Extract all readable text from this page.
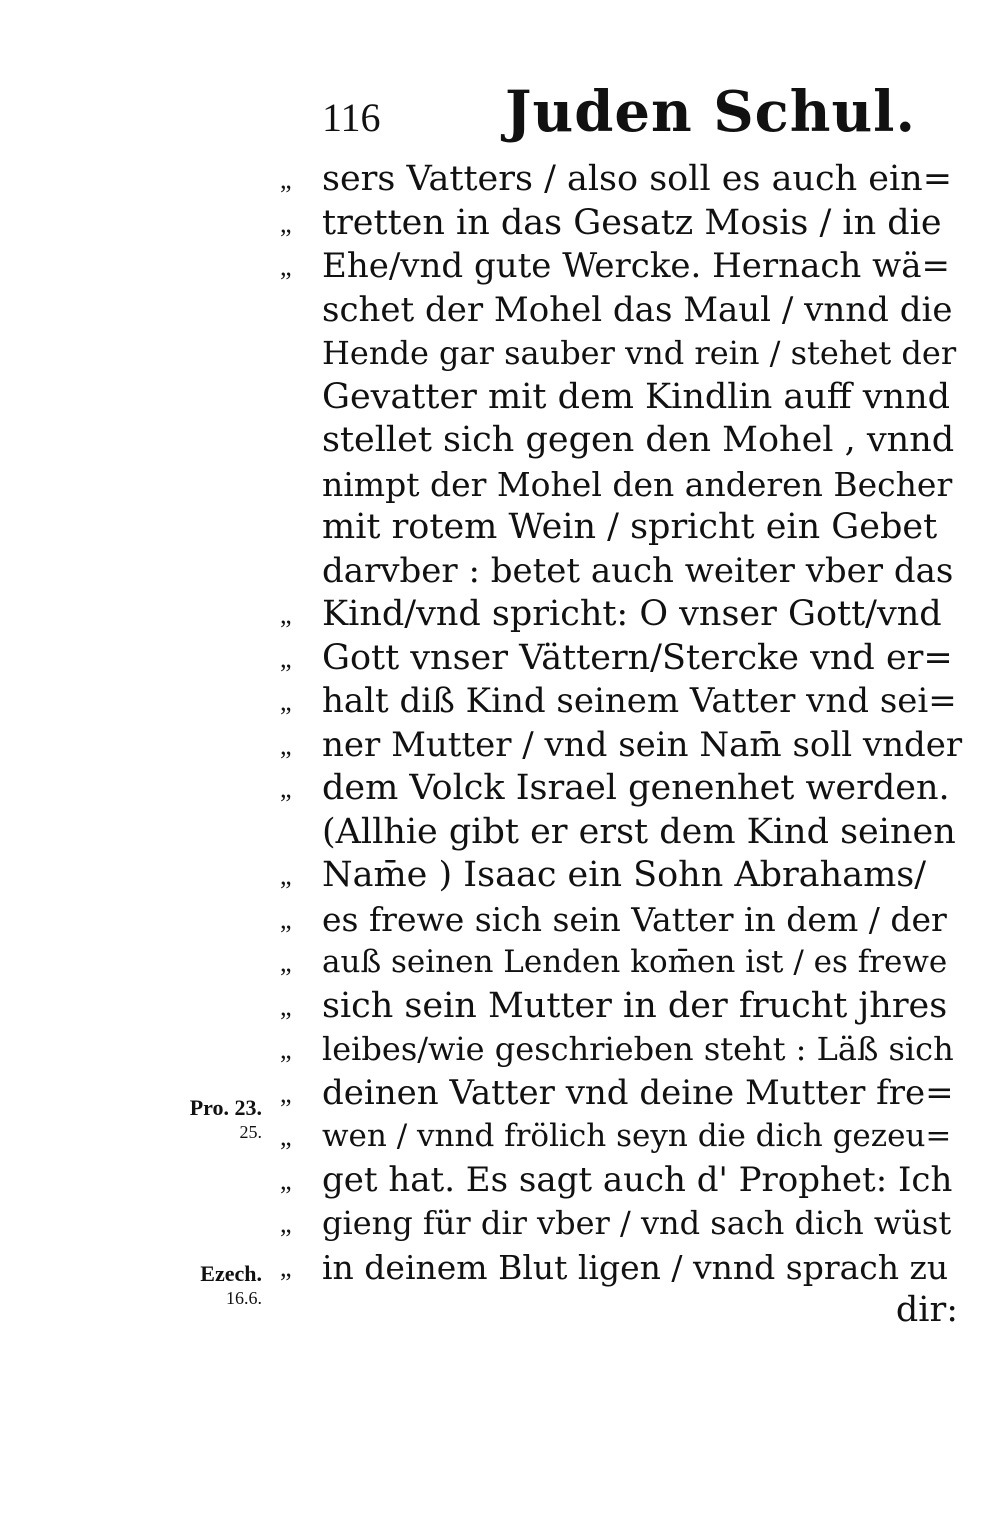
116 Juden Schul.
„ sers Vatters / also soll es auch ein=
„ tretten in das Gesatz Mosis / in die
„ Ehe/vnd gute Wercke. Hernach wä=
schet der Mohel das Maul / vnnd die
Hende gar sauber vnd rein / stehet der
Gevatter mit dem Kindlin auff vnnd
stellet sich gegen den Mohel , vnnd
nimpt der Mohel den anderen Becher
mit rotem Wein / spricht ein Gebet
darvber : betet auch weiter vber das
„ Kind/vnd spricht: O vnser Gott/vnd
„ Gott vnser Vättern/Stercke vnd er=
„ halt diß Kind seinem Vatter vnd sei=
„ ner Mutter / vnd sein Nam̄ soll vnder
„ dem Volck Israel genenhet werden.
(Allhie gibt er erst dem Kind seinen
„ Nam̄e ) Isaac ein Sohn Abrahams/
„ es frewe sich sein Vatter in dem / der
„ auß seinen Lenden kom̄en ist / es frewe
„ sich sein Mutter in der frucht jhres
„ leibes/wie geschrieben steht : Läß sich
„ deinen Vatter vnd deine Mutter fre=
„ wen / vnnd frölich seyn die dich gezeu=
„ get hat. Es sagt auch d' Prophet: Ich
„ gieng für dir vber / vnd sach dich wüst
„ in deinem Blut ligen / vnnd sprach zu
dir:
Pro. 23.
25.
Ezech.
16.6.
